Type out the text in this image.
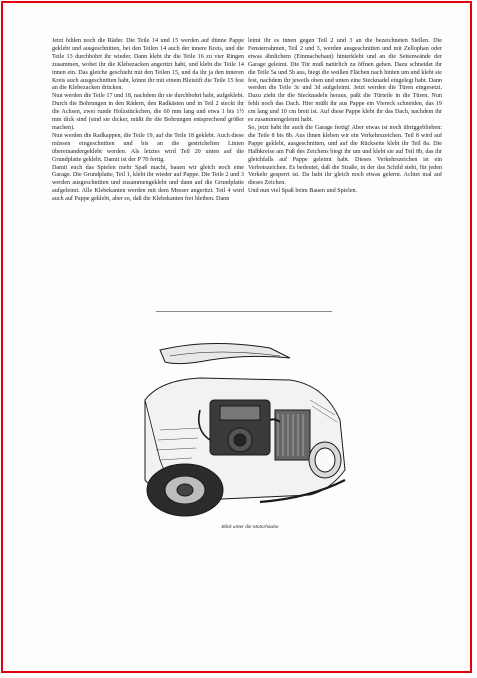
Jetzt fehlen noch die Räder. Die Teile 14 und 15 werden auf dünne Pappe geklebt und ausgeschnitten, bei den Teilen 14 auch der innere Kreis, und die Teile 13 durchbohrt ihr wieder. Dann klebt ihr die Teile 16 zu vier Ringen zusammen, wobei ihr die Klebezacken angeritzt habt, und klebt die Teile 14 innen ein. Das gleiche geschieht mit den Teilen 15, und da ihr ja den inneren Kreis auch ausgeschnitten habt, könnt ihr mit einem Bleistift die Teile 15 fest an die Klebezacken drücken.

Nun werden die Teile 17 und 18, nachdem ihr sie durchbohrt habt, aufgeklebt. Durch die Bohrungen in den Rädern, den Radkästen und in Teil 2 steckt ihr die Achsen, zwei runde Holzstückchen, die 60 mm lang und etwa 1 bis 1½ mm dick sind (sind sie dicker, müßt ihr die Bohrungen entsprechend größer machen).

Nun werden die Radkappen, die Teile 19, auf die Teile 18 geklebt. Auch diese müssen eingeschnitten und bis an die gestrichelten Linien übereinandergeklebt werden. Als letztes wird Teil 20 unten auf die Grundplatte geklebt. Damit ist der P 70 fertig.

Damit euch das Spielen mehr Spaß macht, bauen wir gleich noch eine Garage. Die Grundplatte, Teil 1, klebt ihr wieder auf Pappe. Die Teile 2 und 3 werden ausgeschnitten und zusammengeklebt und dann auf die Grundplatte aufgeleimt. Alle Klebekanten werden mit dem Messer angeritzt. Teil 4 wird auch auf Pappe geklebt, aber so, daß die Klebekanten frei bleiben. Dann

leimt ihr es innen gegen Teil 2 und 3 an die bezeichneten Stellen. Die Fensterrahmen, Teil 2 und 3, werden ausgeschnitten und mit Zellophan oder etwas ähnlichem (Einmachehaut) hinterklebt und an die Seitenwände der Garage geleimt. Die Tür muß natürlich zu öffnen gehen. Dazu schneidet ihr die Teile 5a und 5b aus, biegt die weißen Flächen nach hinten um und klebt sie fest, nachdem ihr jeweils oben und unten eine Stecknadel eingelegt habt. Dann werden die Teile 3c und 3d aufgeleimt. Jetzt werden die Türen eingesetzt. Dazu zieht ihr die Stecknadeln heraus, paßt die Türteile in die Türen. Nun fehlt noch das Dach. Hier müßt ihr aus Pappe ein Viereck schneiden, das 19 cm lang und 10 cm breit ist. Auf diese Pappe klebt ihr das Dach, nachdem ihr es zusammengeleimt habt.

So, jetzt habt ihr auch die Garage fertig! Aber etwas ist noch übriggeblieben: die Teile 8 bis 8b. Aus ihnen kleben wir ein Verkehrszeichen. Teil 8 wird auf Pappe geklebt, ausgeschnitten, und auf die Rückseite klebt ihr Teil 8a. Die Halbkreise am Fuß des Zeichens biegt ihr um und klebt sie auf Teil 8b, das ihr gleichfalls auf Pappe geleimt habt. Dieses Verkehrszeichen ist ein Verbotszeichen. Es bedeutet, daß die Straße, in der das Schild steht, für jeden Verkehr gesperrt ist. Da habt ihr gleich noch etwas gelernt. Achtet mal auf dieses Zeichen.

Und nun viel Spaß beim Bauen und Spielen.

Blick unter die Motorhaube
